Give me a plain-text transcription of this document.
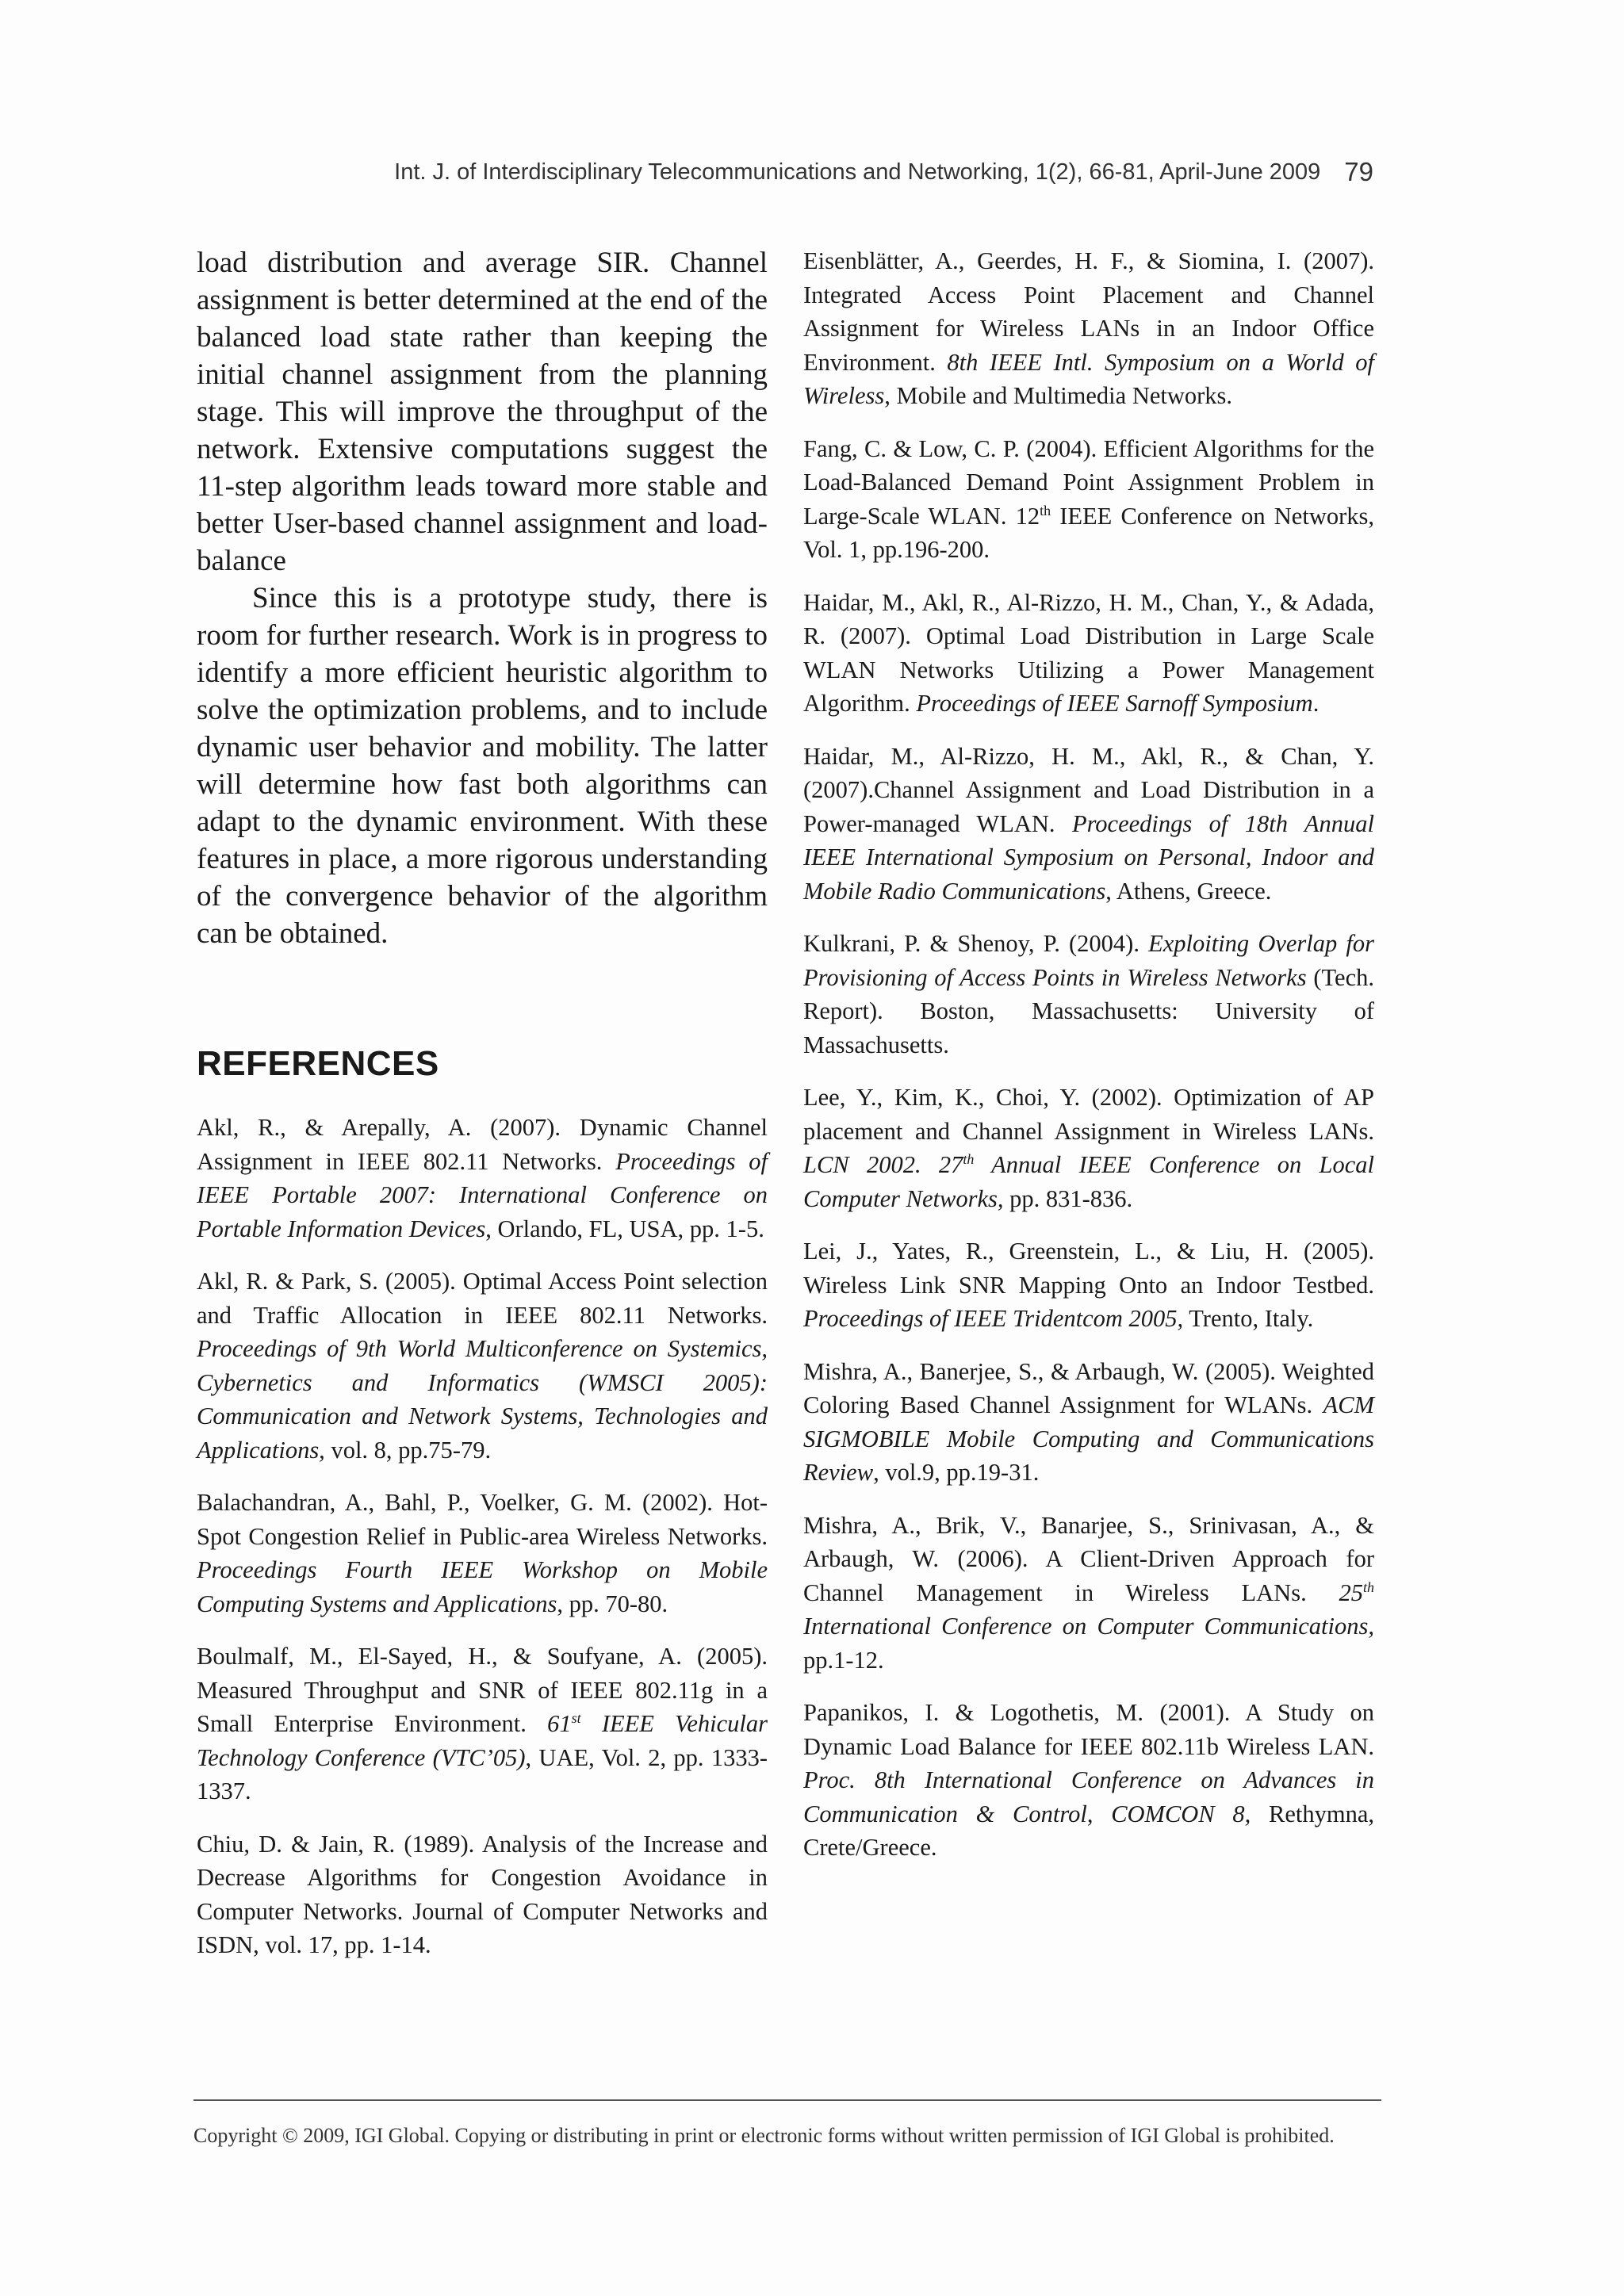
Int. J. of Interdisciplinary Telecommunications and Networking, 1(2), 66-81, April-June 2009 79

load distribution and average SIR. Channel assignment is better determined at the end of the balanced load state rather than keeping the initial channel assignment from the planning stage. This will improve the throughput of the network. Extensive computations suggest the 11-step algorithm leads toward more stable and better User-based channel assignment and load-balance

Since this is a prototype study, there is room for further research. Work is in progress to identify a more efficient heuristic algorithm to solve the optimization problems, and to include dynamic user behavior and mobility. The latter will determine how fast both algorithms can adapt to the dynamic environment. With these features in place, a more rigorous understanding of the convergence behavior of the algorithm can be obtained.

REFERENCES

Akl, R., & Arepally, A. (2007). Dynamic Channel Assignment in IEEE 802.11 Networks. Proceedings of IEEE Portable 2007: International Conference on Portable Information Devices, Orlando, FL, USA, pp. 1-5.

Akl, R. & Park, S. (2005). Optimal Access Point selection and Traffic Allocation in IEEE 802.11 Networks. Proceedings of 9th World Multiconference on Systemics, Cybernetics and Informatics (WMSCI 2005): Communication and Network Systems, Technologies and Applications, vol. 8, pp.75-79.

Balachandran, A., Bahl, P., Voelker, G. M. (2002). Hot-Spot Congestion Relief in Public-area Wireless Networks. Proceedings Fourth IEEE Workshop on Mobile Computing Systems and Applications, pp. 70-80.

Boulmalf, M., El-Sayed, H., & Soufyane, A. (2005). Measured Throughput and SNR of IEEE 802.11g in a Small Enterprise Environment. 61st IEEE Vehicular Technology Conference (VTC’05), UAE, Vol. 2, pp. 1333-1337.

Chiu, D. & Jain, R. (1989). Analysis of the Increase and Decrease Algorithms for Congestion Avoidance in Computer Networks. Journal of Computer Networks and ISDN, vol. 17, pp. 1-14.

Eisenblätter, A., Geerdes, H. F., & Siomina, I. (2007). Integrated Access Point Placement and Channel Assignment for Wireless LANs in an Indoor Office Environment. 8th IEEE Intl. Symposium on a World of Wireless, Mobile and Multimedia Networks.

Fang, C. & Low, C. P. (2004). Efficient Algorithms for the Load-Balanced Demand Point Assignment Problem in Large-Scale WLAN. 12th IEEE Conference on Networks, Vol. 1, pp.196-200.

Haidar, M., Akl, R., Al-Rizzo, H. M., Chan, Y., & Adada, R. (2007). Optimal Load Distribution in Large Scale WLAN Networks Utilizing a Power Management Algorithm. Proceedings of IEEE Sarnoff Symposium.

Haidar, M., Al-Rizzo, H. M., Akl, R., & Chan, Y. (2007).Channel Assignment and Load Distribution in a Power-managed WLAN. Proceedings of 18th Annual IEEE International Symposium on Personal, Indoor and Mobile Radio Communications, Athens, Greece.

Kulkrani, P. & Shenoy, P. (2004). Exploiting Overlap for Provisioning of Access Points in Wireless Networks (Tech. Report). Boston, Massachusetts: University of Massachusetts.

Lee, Y., Kim, K., Choi, Y. (2002). Optimization of AP placement and Channel Assignment in Wireless LANs. LCN 2002. 27th Annual IEEE Conference on Local Computer Networks, pp. 831-836.

Lei, J., Yates, R., Greenstein, L., & Liu, H. (2005). Wireless Link SNR Mapping Onto an Indoor Testbed. Proceedings of IEEE Tridentcom 2005, Trento, Italy.

Mishra, A., Banerjee, S., & Arbaugh, W. (2005). Weighted Coloring Based Channel Assignment for WLANs. ACM SIGMOBILE Mobile Computing and Communications Review, vol.9, pp.19-31.

Mishra, A., Brik, V., Banarjee, S., Srinivasan, A., & Arbaugh, W. (2006). A Client-Driven Approach for Channel Management in Wireless LANs. 25th International Conference on Computer Communications, pp.1-12.

Papanikos, I. & Logothetis, M. (2001). A Study on Dynamic Load Balance for IEEE 802.11b Wireless LAN. Proc. 8th International Conference on Advances in Communication & Control, COMCON 8, Rethymna, Crete/Greece.

Copyright © 2009, IGI Global. Copying or distributing in print or electronic forms without written permission of IGI Global is prohibited.
